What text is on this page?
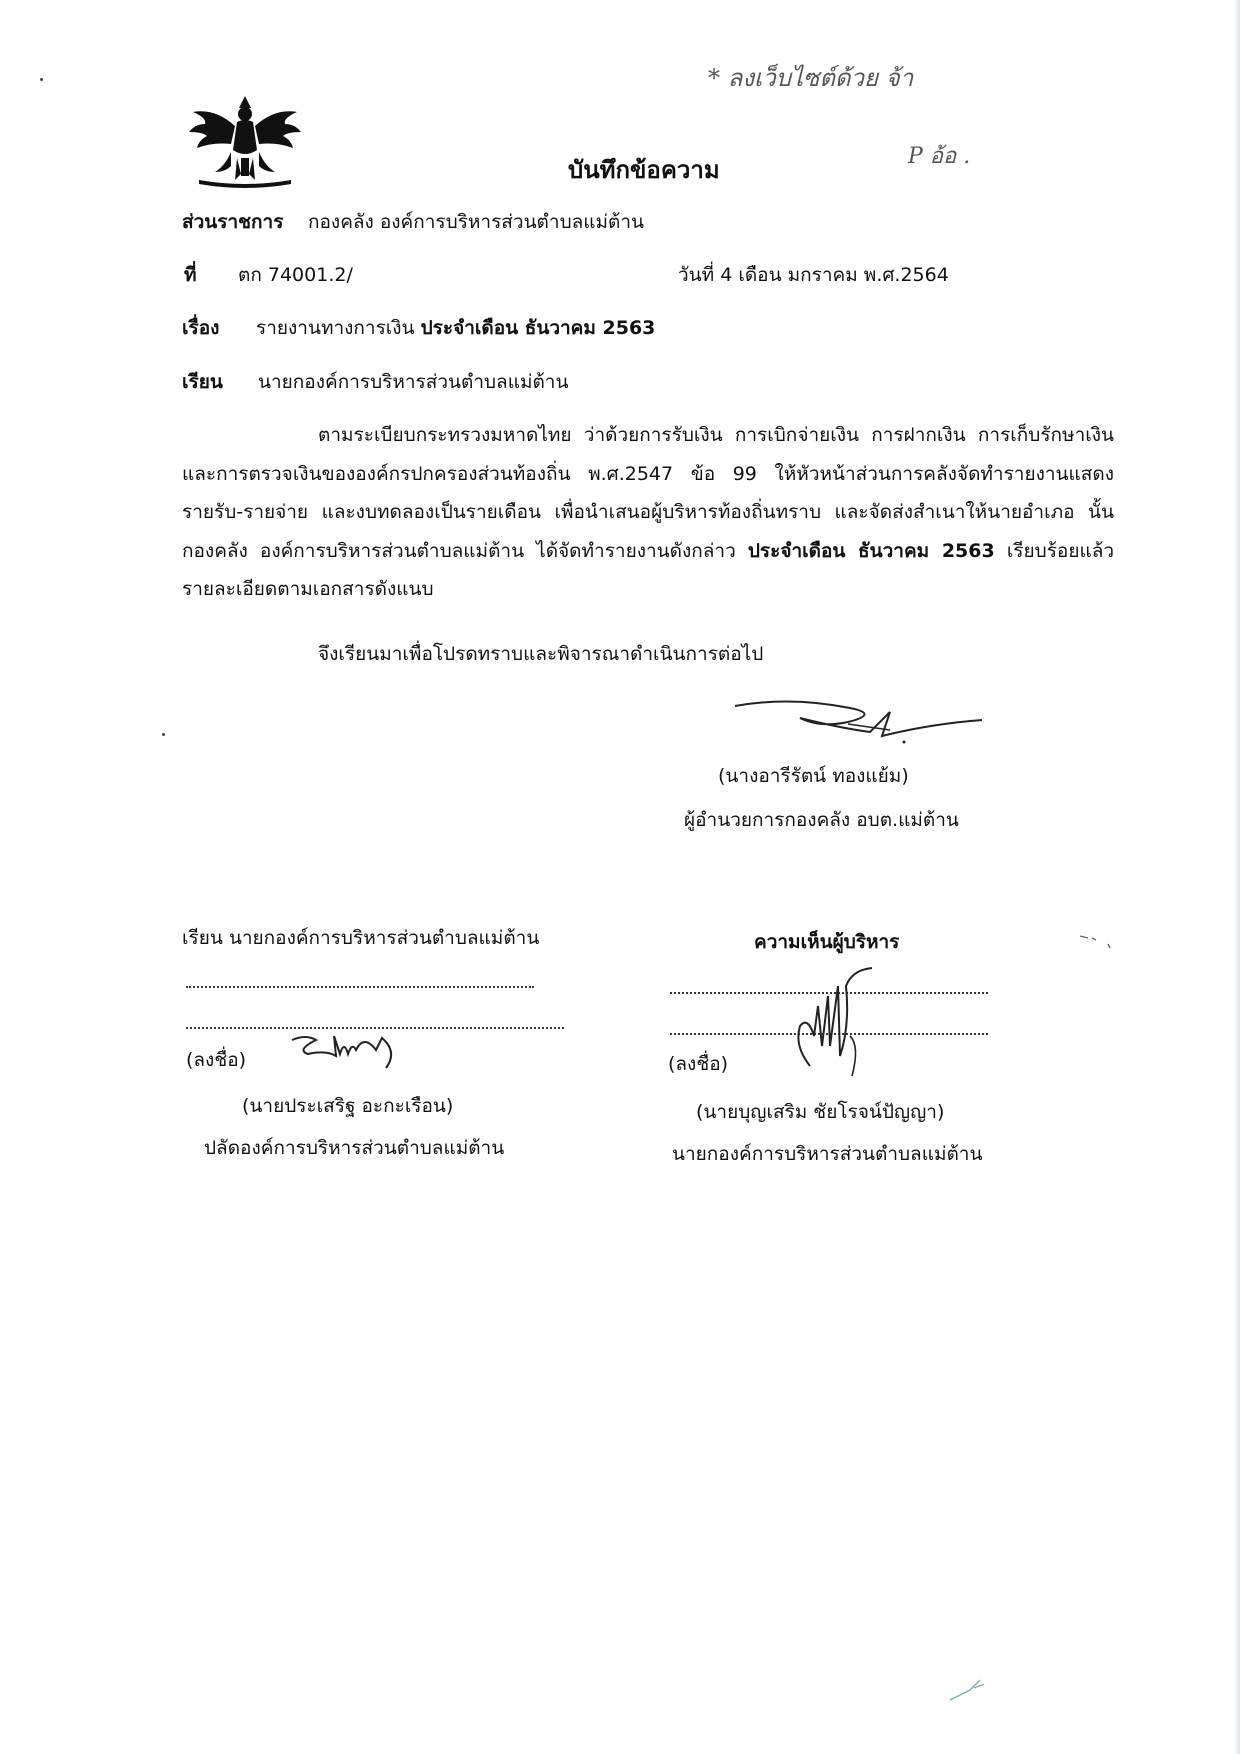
* ลงเว็บไซต์ด้วย จ้า
P อ้อ .
บันทึกข้อความ
ส่วนราชการ กองคลัง องค์การบริหารส่วนตำบลแม่ต้าน
ที่ ตก 74001.2/	วันที่ 4 เดือน มกราคม พ.ศ.2564
เรื่อง รายงานทางการเงิน ประจำเดือน ธันวาคม 2563
เรียน นายกองค์การบริหารส่วนตำบลแม่ต้าน

ตามระเบียบกระทรวงมหาดไทย ว่าด้วยการรับเงิน การเบิกจ่ายเงิน การฝากเงิน การเก็บรักษาเงิน และการตรวจเงินขององค์กรปกครองส่วนท้องถิ่น พ.ศ.2547 ข้อ 99 ให้หัวหน้าส่วนการคลังจัดทำรายงานแสดงรายรับ-รายจ่าย และงบทดลองเป็นรายเดือน เพื่อนำเสนอผู้บริหารท้องถิ่นทราบ และจัดส่งสำเนาให้นายอำเภอ นั้น กองคลัง องค์การบริหารส่วนตำบลแม่ต้าน ได้จัดทำรายงานดังกล่าว ประจำเดือน ธันวาคม 2563 เรียบร้อยแล้ว รายละเอียดตามเอกสารดังแนบ

จึงเรียนมาเพื่อโปรดทราบและพิจารณาดำเนินการต่อไป
(นางอารีรัตน์ ทองแย้ม)
ผู้อำนวยการกองคลัง อบต.แม่ต้าน
เรียน นายกองค์การบริหารส่วนตำบลแม่ต้าน
(ลงชื่อ)
(นายประเสริฐ อะกะเรือน)
ปลัดองค์การบริหารส่วนตำบลแม่ต้าน
ความเห็นผู้บริหาร
(ลงชื่อ)
(นายบุญเสริม ชัยโรจน์ปัญญา)
นายกองค์การบริหารส่วนตำบลแม่ต้าน
